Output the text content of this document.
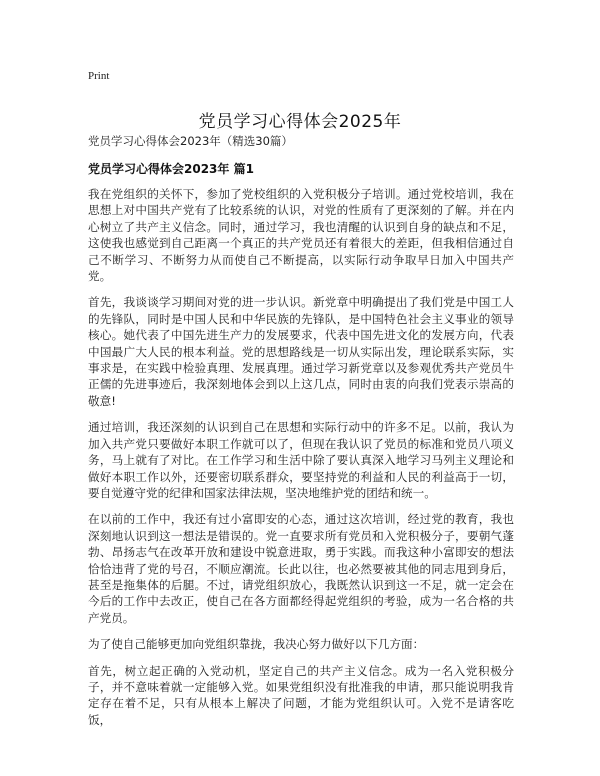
Print
党员学习心得体会2025年
党员学习心得体会2023年（精选30篇）
党员学习心得体会2023年 篇1

我在党组织的关怀下，参加了党校组织的入党积极分子培训。通过党校培训，我在思想上对中国共产党有了比较系统的认识，对党的性质有了更深刻的了解。并在内心树立了共产主义信念。同时，通过学习，我也清醒的认识到自身的缺点和不足，这使我也感觉到自己距离一个真正的共产党员还有着很大的差距，但我相信通过自己不断学习、不断努力从而使自己不断提高，以实际行动争取早日加入中国共产党。

首先，我谈谈学习期间对党的进一步认识。新党章中明确提出了我们党是中国工人的先锋队，同时是中国人民和中华民族的先锋队，是中国特色社会主义事业的领导核心。她代表了中国先进生产力的发展要求，代表中国先进文化的发展方向，代表中国最广大人民的根本利益。党的思想路线是一切从实际出发，理论联系实际，实事求是，在实践中检验真理、发展真理。通过学习新党章以及参观优秀共产党员牛正儒的先进事迹后，我深刻地体会到以上这几点，同时由衷的向我们党表示崇高的敬意!

通过培训，我还深刻的认识到自己在思想和实际行动中的许多不足。以前，我认为加入共产党只要做好本职工作就可以了，但现在我认识了党员的标准和党员八项义务，马上就有了对比。在工作学习和生活中除了要认真深入地学习马列主义理论和做好本职工作以外，还要密切联系群众，要坚持党的利益和人民的利益高于一切，要自觉遵守党的纪律和国家法律法规，坚决地维护党的团结和统一。

在以前的工作中，我还有过小富即安的心态，通过这次培训，经过党的教育，我也深刻地认识到这一想法是错误的。党一直要求所有党员和入党积极分子，要朝气蓬勃、昂扬志气在改革开放和建设中锐意进取，勇于实践。而我这种小富即安的想法恰恰违背了党的号召，不顺应潮流。长此以往，也必然要被其他的同志甩到身后，甚至是拖集体的后腿。不过，请党组织放心，我既然认识到这一不足，就一定会在今后的工作中去改正，使自己在各方面都经得起党组织的考验，成为一名合格的共产党员。

为了使自己能够更加向党组织靠拢，我决心努力做好以下几方面：

首先，树立起正确的入党动机，坚定自己的共产主义信念。成为一名入党积极分子，并不意味着就一定能够入党。如果党组织没有批准我的申请，那只能说明我肯定存在着不足，只有从根本上解决了问题，才能为党组织认可。入党不是请客吃饭，
